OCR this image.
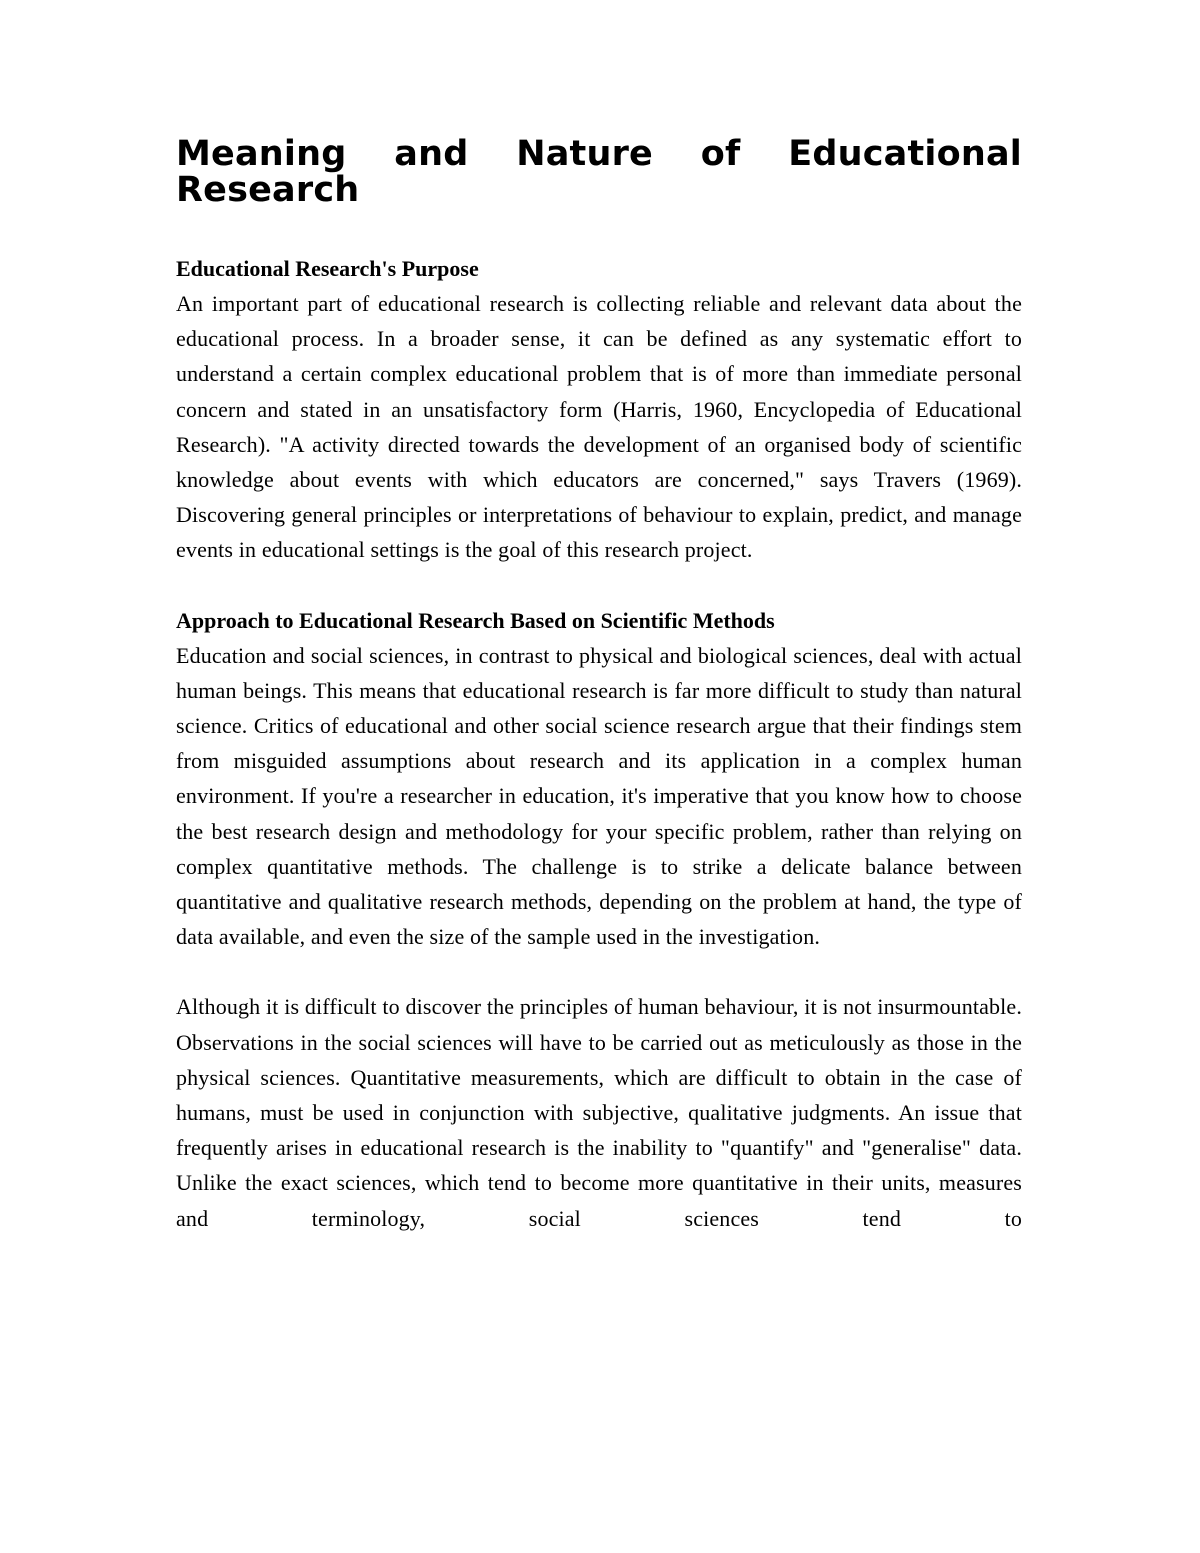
Meaning and Nature of Educational Research
Educational Research's Purpose

An important part of educational research is collecting reliable and relevant data about the educational process. In a broader sense, it can be defined as any systematic effort to understand a certain complex educational problem that is of more than immediate personal concern and stated in an unsatisfactory form (Harris, 1960, Encyclopedia of Educational Research). "A activity directed towards the development of an organised body of scientific knowledge about events with which educators are concerned," says Travers (1969). Discovering general principles or interpretations of behaviour to explain, predict, and manage events in educational settings is the goal of this research project.

Approach to Educational Research Based on Scientific Methods

Education and social sciences, in contrast to physical and biological sciences, deal with actual human beings. This means that educational research is far more difficult to study than natural science. Critics of educational and other social science research argue that their findings stem from misguided assumptions about research and its application in a complex human environment. If you're a researcher in education, it's imperative that you know how to choose the best research design and methodology for your specific problem, rather than relying on complex quantitative methods. The challenge is to strike a delicate balance between quantitative and qualitative research methods, depending on the problem at hand, the type of data available, and even the size of the sample used in the investigation.

Although it is difficult to discover the principles of human behaviour, it is not insurmountable. Observations in the social sciences will have to be carried out as meticulously as those in the physical sciences. Quantitative measurements, which are difficult to obtain in the case of humans, must be used in conjunction with subjective, qualitative judgments. An issue that frequently arises in educational research is the inability to "quantify" and "generalise" data. Unlike the exact sciences, which tend to become more quantitative in their units, measures and terminology, social sciences tend to
